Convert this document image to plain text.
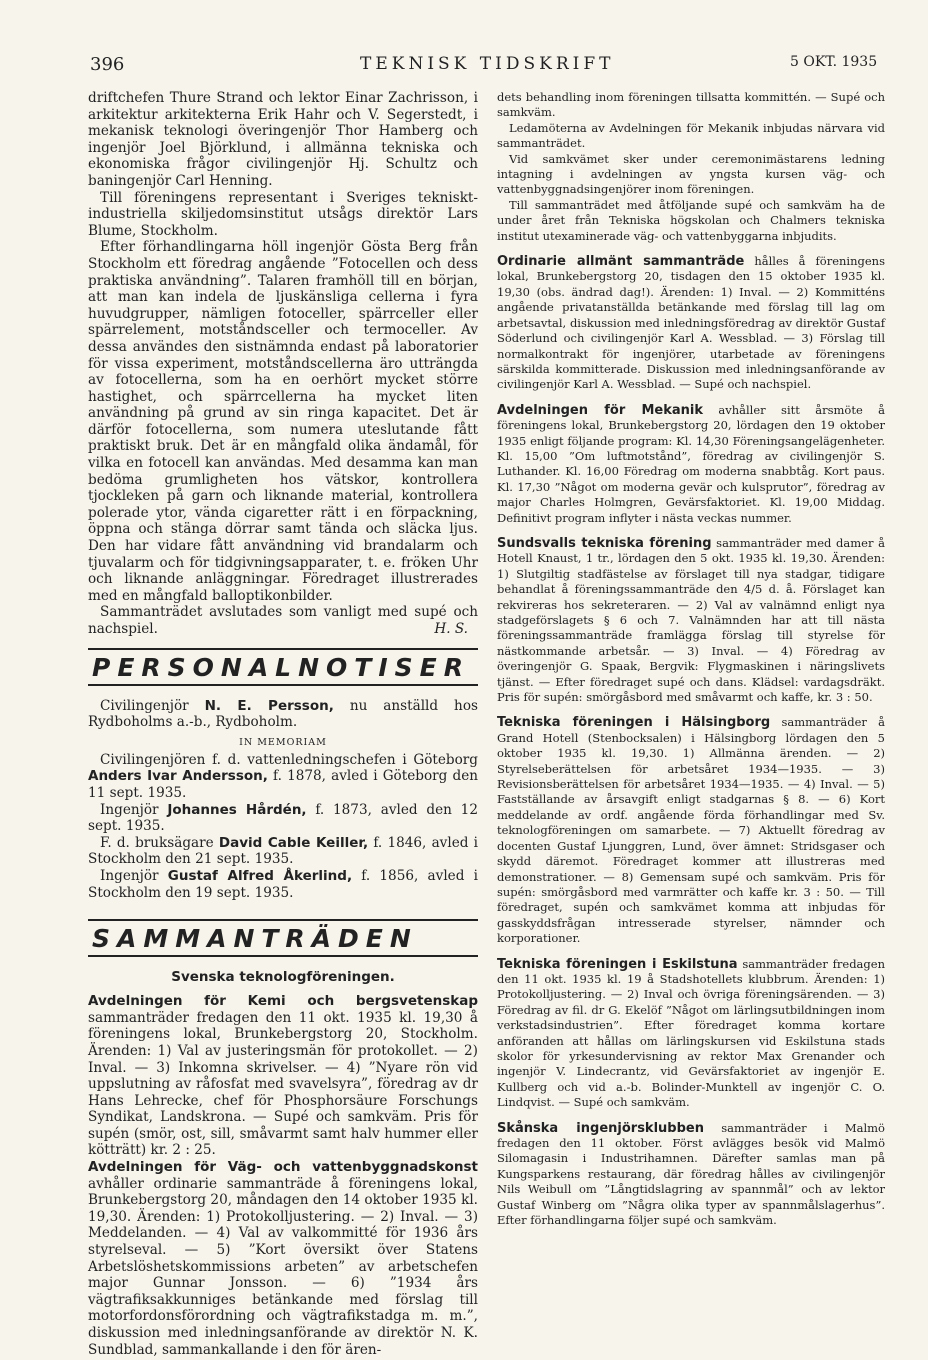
396	TEKNISK TIDSKRIFT	5 OKT. 1935

driftchefen Thure Strand och lektor Einar Zachrisson, i arkitektur arkitekterna Erik Hahr och V. Segerstedt, i mekanisk teknologi överingenjör Thor Hamberg och ingenjör Joel Björklund, i allmänna tekniska och ekonomiska frågor civilingenjör Hj. Schultz och baningenjör Carl Henning.

Till föreningens representant i Sveriges tekniskt-industriella skiljedomsinstitut utsågs direktör Lars Blume, Stockholm.

Efter förhandlingarna höll ingenjör Gösta Berg från Stockholm ett föredrag angående ”Fotocellen och dess praktiska användning”. Talaren framhöll till en början, att man kan indela de ljuskänsliga cellerna i fyra huvudgrupper, nämligen fotoceller, spärrceller eller spärrelement, motståndsceller och termoceller. Av dessa användes den sistnämnda endast på laboratorier för vissa experiment, motståndscellerna äro utträngda av fotocellerna, som ha en oerhört mycket större hastighet, och spärrcellerna ha mycket liten användning på grund av sin ringa kapacitet. Det är därför fotocellerna, som numera uteslutande fått praktiskt bruk. Det är en mångfald olika ändamål, för vilka en fotocell kan användas. Med desamma kan man bedöma grumligheten hos vätskor, kontrollera tjockleken på garn och liknande material, kontrollera polerade ytor, vända cigaretter rätt i en förpackning, öppna och stänga dörrar samt tända och släcka ljus. Den har vidare fått användning vid brandalarm och tjuvalarm och för tidgivningsapparater, t. e. fröken Uhr och liknande anläggningar. Föredraget illustrerades med en mångfald balloptikonbilder.

Sammanträdet avslutades som vanligt med supé och nachspiel.	H. S.

PERSONALNOTISER

Civilingenjör N. E. Persson, nu anställd hos Rydboholms a.-b., Rydboholm.

IN MEMORIAM

Civilingenjören f. d. vattenledningschefen i Göteborg Anders Ivar Andersson, f. 1878, avled i Göteborg den 11 sept. 1935.

Ingenjör Johannes Hårdén, f. 1873, avled den 12 sept. 1935.

F. d. bruksägare David Cable Keiller, f. 1846, avled i Stockholm den 21 sept. 1935.

Ingenjör Gustaf Alfred Åkerlind, f. 1856, avled i Stockholm den 19 sept. 1935.

SAMMANTRÄDEN
Svenska teknologföreningen.

Avdelningen för Kemi och bergsvetenskap sammanträder fredagen den 11 okt. 1935 kl. 19,30 å föreningens lokal, Brunkebergstorg 20, Stockholm. Ärenden: 1) Val av justeringsmän för protokollet. — 2) Inval. — 3) Inkomna skrivelser. — 4) ”Nyare rön vid uppslutning av råfosfat med svavelsyra”, föredrag av dr Hans Lehrecke, chef för Phosphorsäure Forschungs Syndikat, Landskrona. — Supé och samkväm. Pris för supén (smör, ost, sill, småvarmt samt halv hummer eller kötträtt) kr. 2 : 25.

Avdelningen för Väg- och vattenbyggnadskonst avhåller ordinarie sammanträde å föreningens lokal, Brunkebergstorg 20, måndagen den 14 oktober 1935 kl. 19,30. Ärenden: 1) Protokolljustering. — 2) Inval. — 3) Meddelanden. — 4) Val av valkommitté för 1936 års styrelseval. — 5) ”Kort översikt över Statens Arbetslöshetskommissions arbeten” av arbetschefen major Gunnar Jonsson. — 6) ”1934 års vägtrafiksakkunniges betänkande med förslag till motorfordonsförordning och vägtrafikstadga m. m.”, diskussion med inledningsanförande av direktör N. K. Sundblad, sammankallande i den för ären-

dets behandling inom föreningen tillsatta kommittén. — Supé och samkväm.

Ledamöterna av Avdelningen för Mekanik inbjudas närvara vid sammanträdet.

Vid samkvämet sker under ceremonimästarens ledning intagning i avdelningen av yngsta kursen väg- och vattenbyggnadsingenjörer inom föreningen.

Till sammanträdet med åtföljande supé och samkväm ha de under året från Tekniska högskolan och Chalmers tekniska institut utexaminerade väg- och vattenbyggarna inbjudits.

Ordinarie allmänt sammanträde hålles å föreningens lokal, Brunkebergstorg 20, tisdagen den 15 oktober 1935 kl. 19,30 (obs. ändrad dag!). Ärenden: 1) Inval. — 2) Kommitténs angående privatanställda betänkande med förslag till lag om arbetsavtal, diskussion med inledningsföredrag av direktör Gustaf Söderlund och civilingenjör Karl A. Wessblad. — 3) Förslag till normalkontrakt för ingenjörer, utarbetade av föreningens särskilda kommitterade. Diskussion med inledningsanförande av civilingenjör Karl A. Wessblad. — Supé och nachspiel.

Avdelningen för Mekanik avhåller sitt årsmöte å föreningens lokal, Brunkebergstorg 20, lördagen den 19 oktober 1935 enligt följande program: Kl. 14,30 Föreningsangelägenheter. Kl. 15,00 ”Om luftmotstånd”, föredrag av civilingenjör S. Luthander. Kl. 16,00 Föredrag om moderna snabbtåg. Kort paus. Kl. 17,30 ”Något om moderna gevär och kulsprutor”, föredrag av major Charles Holmgren, Gevärsfaktoriet. Kl. 19,00 Middag. Definitivt program inflyter i nästa veckas nummer.

Sundsvalls tekniska förening sammanträder med damer å Hotell Knaust, 1 tr., lördagen den 5 okt. 1935 kl. 19,30. Ärenden: 1) Slutgiltig stadfästelse av förslaget till nya stadgar, tidigare behandlat å föreningssammanträde den 4/5 d. å. Förslaget kan rekvireras hos sekreteraren. — 2) Val av valnämnd enligt nya stadgeförslagets § 6 och 7. Valnämnden har att till nästa föreningssammanträde framlägga förslag till styrelse för nästkommande arbetsår. — 3) Inval. — 4) Föredrag av överingenjör G. Spaak, Bergvik: Flygmaskinen i näringslivets tjänst. — Efter föredraget supé och dans. Klädsel: vardagsdräkt. Pris för supén: smörgåsbord med småvarmt och kaffe, kr. 3 : 50.

Tekniska föreningen i Hälsingborg sammanträder å Grand Hotell (Stenbocksalen) i Hälsingborg lördagen den 5 oktober 1935 kl. 19,30. 1) Allmänna ärenden. — 2) Styrelseberättelsen för arbetsåret 1934—1935. — 3) Revisionsberättelsen för arbetsåret 1934—1935. — 4) Inval. — 5) Fastställande av årsavgift enligt stadgarnas § 8. — 6) Kort meddelande av ordf. angående förda förhandlingar med Sv. teknologföreningen om samarbete. — 7) Aktuellt föredrag av docenten Gustaf Ljunggren, Lund, över ämnet: Stridsgaser och skydd däremot. Föredraget kommer att illustreras med demonstrationer. — 8) Gemensam supé och samkväm. Pris för supén: smörgåsbord med varmrätter och kaffe kr. 3 : 50. — Till föredraget, supén och samkvämet komma att inbjudas för gasskyddsfrågan intresserade styrelser, nämnder och korporationer.

Tekniska föreningen i Eskilstuna sammanträder fredagen den 11 okt. 1935 kl. 19 å Stadshotellets klubbrum. Ärenden: 1) Protokolljustering. — 2) Inval och övriga föreningsärenden. — 3) Föredrag av fil. dr G. Ekelöf ”Något om lärlingsutbildningen inom verkstadsindustrien”. Efter föredraget komma kortare anföranden att hållas om lärlingskursen vid Eskilstuna stads skolor för yrkesundervisning av rektor Max Grenander och ingenjör V. Lindecrantz, vid Gevärsfaktoriet av ingenjör E. Kullberg och vid a.-b. Bolinder-Munktell av ingenjör C. O. Lindqvist. — Supé och samkväm.

Skånska ingenjörsklubben sammanträder i Malmö fredagen den 11 oktober. Först avlägges besök vid Malmö Silomagasin i Industrihamnen. Därefter samlas man på Kungsparkens restaurang, där föredrag hålles av civilingenjör Nils Weibull om ”Långtidslagring av spannmål” och av lektor Gustaf Winberg om ”Några olika typer av spannmålslagerhus”. Efter förhandlingarna följer supé och samkväm.
